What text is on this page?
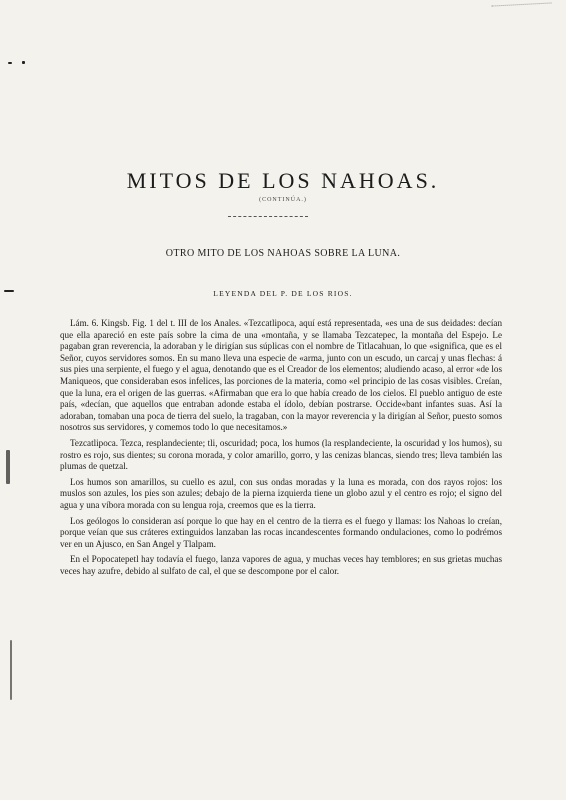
MITOS DE LOS NAHOAS.
(CONTINÚA.)
OTRO MITO DE LOS NAHOAS SOBRE LA LUNA.
LEYENDA DEL P. DE LOS RIOS.

Lám. 6. Kingsb. Fig. 1 del t. III de los Anales. «Tezcatlipoca, aquí está representada, «es una de sus deidades: decían que ella apareció en este país sobre la cima de una «montaña, y se llamaba Tezcatepec, la montaña del Espejo. Le pagaban gran reverencia, la adoraban y le dirigían sus súplicas con el nombre de Titlacahuan, lo que «significa, que es el Señor, cuyos servidores somos. En su mano lleva una especie de «arma, junto con un escudo, un carcaj y unas flechas: á sus pies una serpiente, el fuego y el agua, denotando que es el Creador de los elementos; aludiendo acaso, al error «de los Maniqueos, que consideraban esos infelices, las porciones de la materia, como «el principio de las cosas visibles. Creían, que la luna, era el origen de las guerras. «Afirmaban que era lo que había creado de los cielos. El pueblo antiguo de este país, «decían, que aquellos que entraban adonde estaba el ídolo, debían postrarse. Occide«bant infantes suas. Así la adoraban, tomaban una poca de tierra del suelo, la tragaban, con la mayor reverencia y la dirigían al Señor, puesto somos nosotros sus servidores, y comemos todo lo que necesitamos.»

Tezcatlipoca. Tezca, resplandeciente; tli, oscuridad; poca, los humos (la resplandeciente, la oscuridad y los humos), su rostro es rojo, sus dientes; su corona morada, y color amarillo, gorro, y las cenizas blancas, siendo tres; lleva también las plumas de quetzal.

Los humos son amarillos, su cuello es azul, con sus ondas moradas y la luna es morada, con dos rayos rojos: los muslos son azules, los pies son azules; debajo de la pierna izquierda tiene un globo azul y el centro es rojo; el signo del agua y una víbora morada con su lengua roja, creemos que es la tierra.

Los geólogos lo consideran así porque lo que hay en el centro de la tierra es el fuego y llamas: los Nahoas lo creían, porque veían que sus cráteres extinguidos lanzaban las rocas incandescentes formando ondulaciones, como lo podrémos ver en un Ajusco, en San Angel y Tlalpam.

En el Popocatepetl hay todavía el fuego, lanza vapores de agua, y muchas veces hay temblores; en sus grietas muchas veces hay azufre, debido al sulfato de cal, el que se descompone por el calor.
